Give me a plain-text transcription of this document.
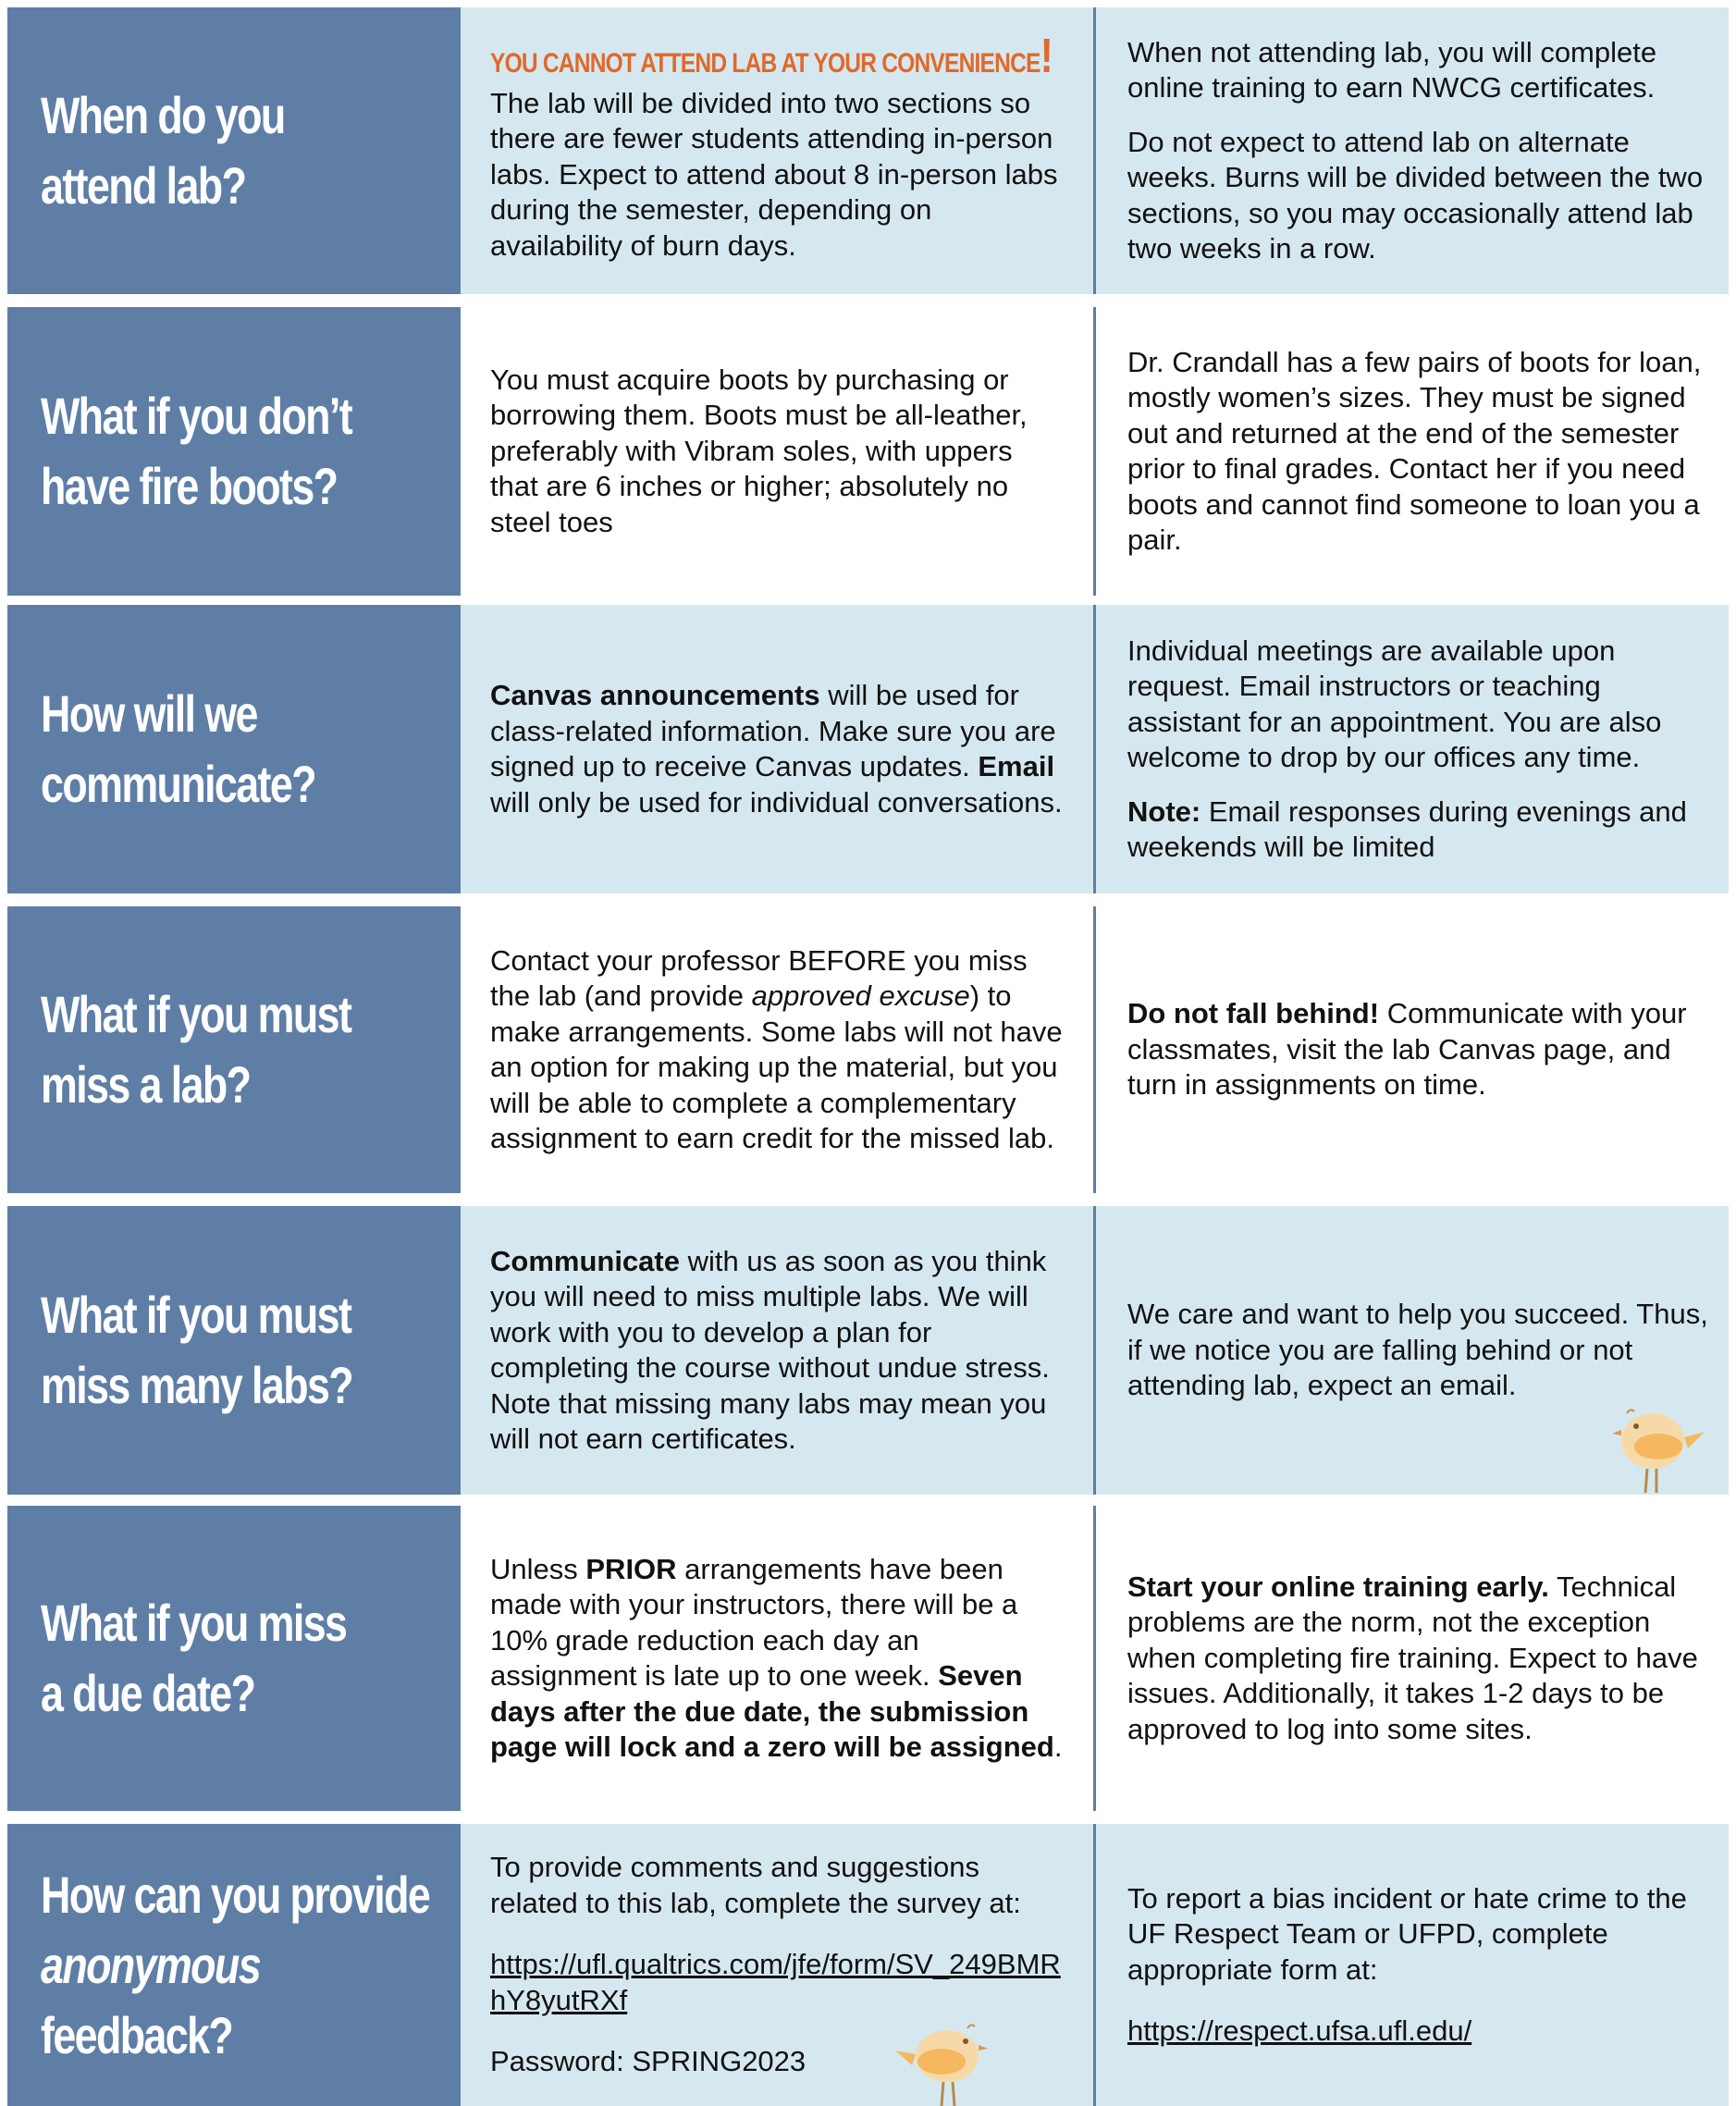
When do you
attend lab?
YOU CANNOT ATTEND LAB AT YOUR CONVENIENCE!

The lab will be divided into two sections so there are fewer students attending in-person labs. Expect to attend about 8 in-person labs during the semester, depending on availability of burn days.

When not attending lab, you will complete online training to earn NWCG certificates.

Do not expect to attend lab on alternate weeks. Burns will be divided between the two sections, so you may occasionally attend lab two weeks in a row.

What if you don’t
have fire boots?

You must acquire boots by purchasing or borrowing them. Boots must be all-leather, preferably with Vibram soles, with uppers that are 6 inches or higher; absolutely no steel toes

Dr. Crandall has a few pairs of boots for loan, mostly women’s sizes. They must be signed out and returned at the end of the semester prior to final grades. Contact her if you need boots and cannot find someone to loan you a pair.

How will we
communicate?

Canvas announcements will be used for class-related information. Make sure you are signed up to receive Canvas updates. Email will only be used for individual conversations.

Individual meetings are available upon request. Email instructors or teaching assistant for an appointment. You are also welcome to drop by our offices any time.

Note: Email responses during evenings and weekends will be limited

What if you must
miss a lab?

Contact your professor BEFORE you miss the lab (and provide approved excuse) to make arrangements. Some labs will not have an option for making up the material, but you will be able to complete a complementary assignment to earn credit for the missed lab.

Do not fall behind! Communicate with your classmates, visit the lab Canvas page, and turn in assignments on time.

What if you must
miss many labs?

Communicate with us as soon as you think you will need to miss multiple labs. We will work with you to develop a plan for completing the course without undue stress. Note that missing many labs may mean you will not earn certificates.

We care and want to help you succeed. Thus, if we notice you are falling behind or not attending lab, expect an email.

What if you miss
a due date?

Unless PRIOR arrangements have been made with your instructors, there will be a 10% grade reduction each day an assignment is late up to one week. Seven days after the due date, the submission page will lock and a zero will be assigned.

Start your online training early. Technical problems are the norm, not the exception when completing fire training. Expect to have issues. Additionally, it takes 1-2 days to be approved to log into some sites.

How can you provide
anonymous
feedback?

To provide comments and suggestions related to this lab, complete the survey at:

https://ufl.qualtrics.com/jfe/form/SV_249BMRhY8yutRXf

Password: SPRING2023

To report a bias incident or hate crime to the UF Respect Team or UFPD, complete appropriate form at:

https://respect.ufsa.ufl.edu/
